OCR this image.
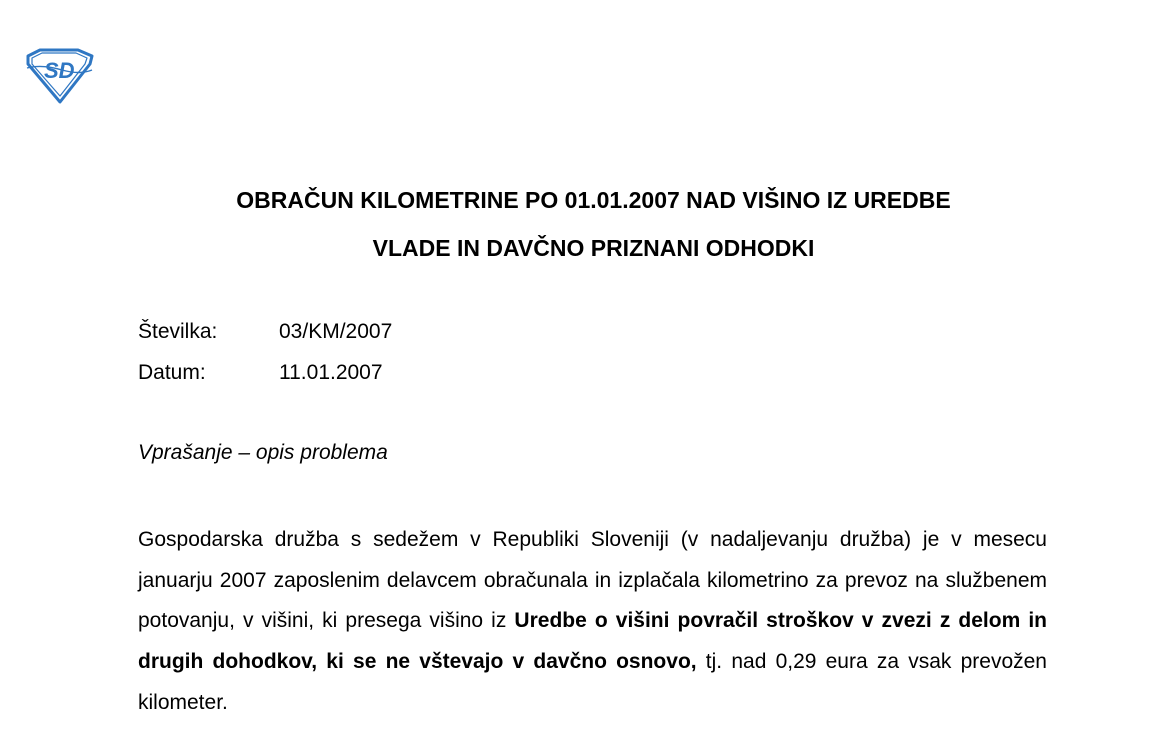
SD
OBRAČUN KILOMETRINE PO 01.01.2007 NAD VIŠINO IZ UREDBE
VLADE IN DAVČNO PRIZNANI ODHODKI
Številka:	03/KM/2007
Datum:	11.01.2007
Vprašanje – opis problema

Gospodarska družba s sedežem v Republiki Sloveniji (v nadaljevanju družba) je v mesecu januarju 2007 zaposlenim delavcem obračunala in izplačala kilometrino za prevoz na službenem potovanju, v višini, ki presega višino iz Uredbe o višini povračil stroškov v zvezi z delom in drugih dohodkov, ki se ne vštevajo v davčno osnovo, tj. nad 0,29 eura za vsak prevožen kilometer.
